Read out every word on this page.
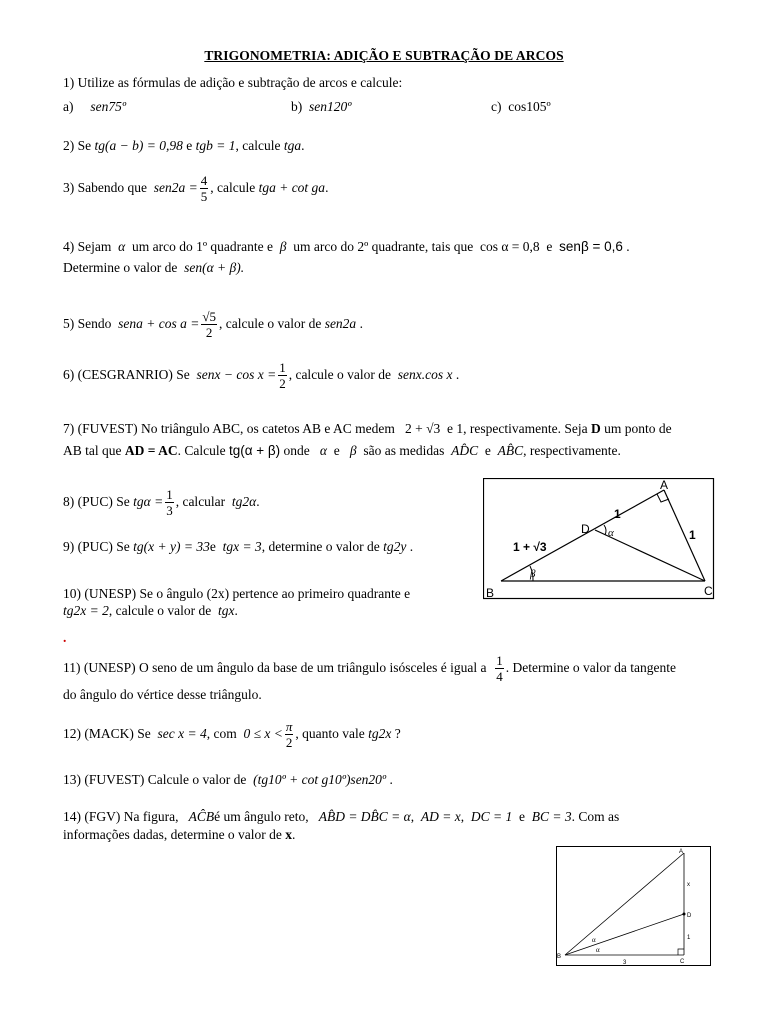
TRIGONOMETRIA: ADIÇÃO E SUBTRAÇÃO DE ARCOS
1) Utilize as fórmulas de adição e subtração de arcos e calcule:
a) sen75º	b) sen120º	c) cos105º
2) Se tg(a − b) = 0,98 e tgb = 1, calcule tga.
3) Sabendo que $sen2a = \frac{4}{5}$ , calcule tga + cot ga.
4) Sejam α um arco do 1º quadrante e β um arco do 2º quadrante, tais que cos α = 0,8 e senβ = 0,6 .
Determine o valor de sen(α + β).
5) Sendo sena + $\cos a = \frac{√5}{2}$ , calcule o valor de sen2a .
6) (CESGRANRIO) Se senx − $\cos x = \frac{1}{2}$ , calcule o valor de senx.cos x .
7) (FUVEST) No triângulo ABC, os catetos AB e AC medem 2 + √3 e 1, respectivamente. Seja D um ponto de
AB tal que AD = AC. Calcule tg(α + β) onde α e β são as medidas AD̂C e AB̂C, respectivamente.
8) (PUC) Se $tg\alpha = \frac{1}{3}$ , calcular tg2α.
9) (PUC) Se tg(x + y) = 33e tgx = 3, determine o valor de tg2y .
10) (UNESP) Se o ângulo (2x) pertence ao primeiro quadrante e
tg2x = 2, calcule o valor de tgx.
.
11) (UNESP) O seno de um ângulo da base de um triângulo isósceles é igual a $\frac{1}{4}$ . Determine o valor da tangente
do ângulo do vértice desse triângulo.
12) (MACK) Se sec x = 4, com $0 \le x < \frac{\pi}{2}$ , quanto vale tg2x ?
13) (FUVEST) Calcule o valor de (tg10º + cot g10º)sen20º .
14) (FGV) Na figura, AĈBé um ângulo reto, AB̂D = DB̂C = α, AD = x, DC = 1 e BC = 3. Com as
informações dadas, determine o valor de x.
A
B	C
D
1
1
1 + √3
α
β
A
B
C
D
x
1
3
α
α
